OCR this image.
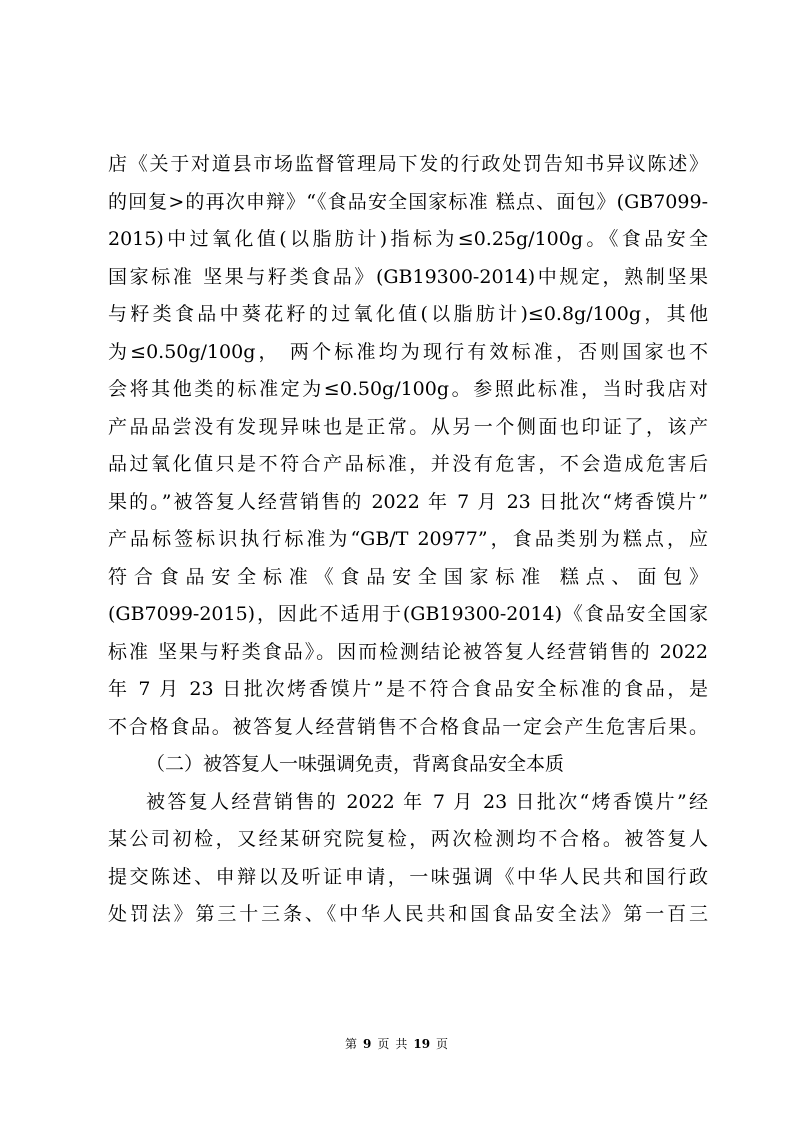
店《关于对道县市场监督管理局下发的行政处罚告知书异议陈述》
的回复>的再次申辩》“《食品安全国家标准 糕点、面包》(GB7099-
2015)中过氧化值(以脂肪计)指标为≤0.25g/100g。《食品安全
国家标准 坚果与籽类食品》(GB19300-2014)中规定，熟制坚果
与籽类食品中葵花籽的过氧化值(以脂肪计)≤0.8g/100g，其他
为≤0.50g/100g， 两个标准均为现行有效标准，否则国家也不
会将其他类的标准定为≤0.50g/100g。参照此标准，当时我店对
产品品尝没有发现异味也是正常。从另一个侧面也印证了，该产
品过氧化值只是不符合产品标准，并没有危害，不会造成危害后
果的。”被答复人经营销售的 2022 年 7 月 23 日批次“烤香馍片”
产品标签标识执行标准为“GB/T 20977”，食品类别为糕点，应
符合食品安全标准《食品安全国家标准 糕点、面包》
(GB7099-2015)，因此不适用于(GB19300-2014)《食品安全国家
标准 坚果与籽类食品》。因而检测结论被答复人经营销售的 2022
年 7 月 23 日批次烤香馍片”是不符合食品安全标准的食品，是
不合格食品。被答复人经营销售不合格食品一定会产生危害后果。
（二）被答复人一味强调免责，背离食品安全本质
被答复人经营销售的 2022 年 7 月 23 日批次“烤香馍片”经
某公司初检，又经某研究院复检，两次检测均不合格。被答复人
提交陈述、申辩以及听证申请，一味强调《中华人民共和国行政
处罚法》第三十三条、《中华人民共和国食品安全法》第一百三
第 9 页 共 19 页
